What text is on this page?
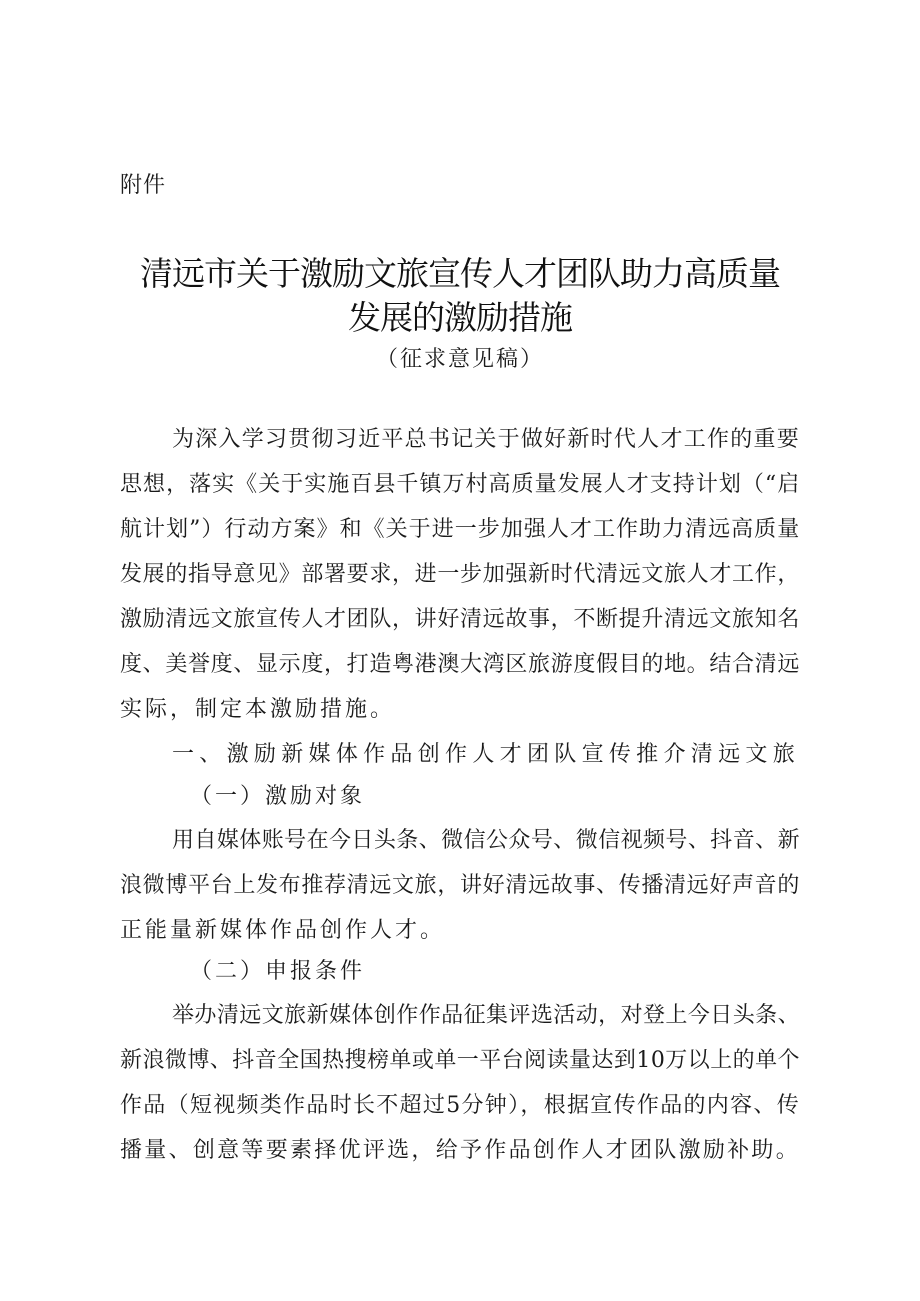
附件
清远市关于激励文旅宣传人才团队助力高质量
发展的激励措施
（征求意见稿）
为深入学习贯彻习近平总书记关于做好新时代人才工作的重要
思想，落实《关于实施百县千镇万村高质量发展人才支持计划（“启
航计划”）行动方案》和《关于进一步加强人才工作助力清远高质量
发展的指导意见》部署要求，进一步加强新时代清远文旅人才工作，
激励清远文旅宣传人才团队，讲好清远故事，不断提升清远文旅知名
度、美誉度、显示度，打造粤港澳大湾区旅游度假目的地。结合清远
实际，制定本激励措施。
一、激励新媒体作品创作人才团队宣传推介清远文旅
（一）激励对象
用自媒体账号在今日头条、微信公众号、微信视频号、抖音、新
浪微博平台上发布推荐清远文旅，讲好清远故事、传播清远好声音的
正能量新媒体作品创作人才。
（二）申报条件
举办清远文旅新媒体创作作品征集评选活动，对登上今日头条、
新浪微博、抖音全国热搜榜单或单一平台阅读量达到10万以上的单个
作品（短视频类作品时长不超过5分钟），根据宣传作品的内容、传
播量、创意等要素择优评选，给予作品创作人才团队激励补助。
